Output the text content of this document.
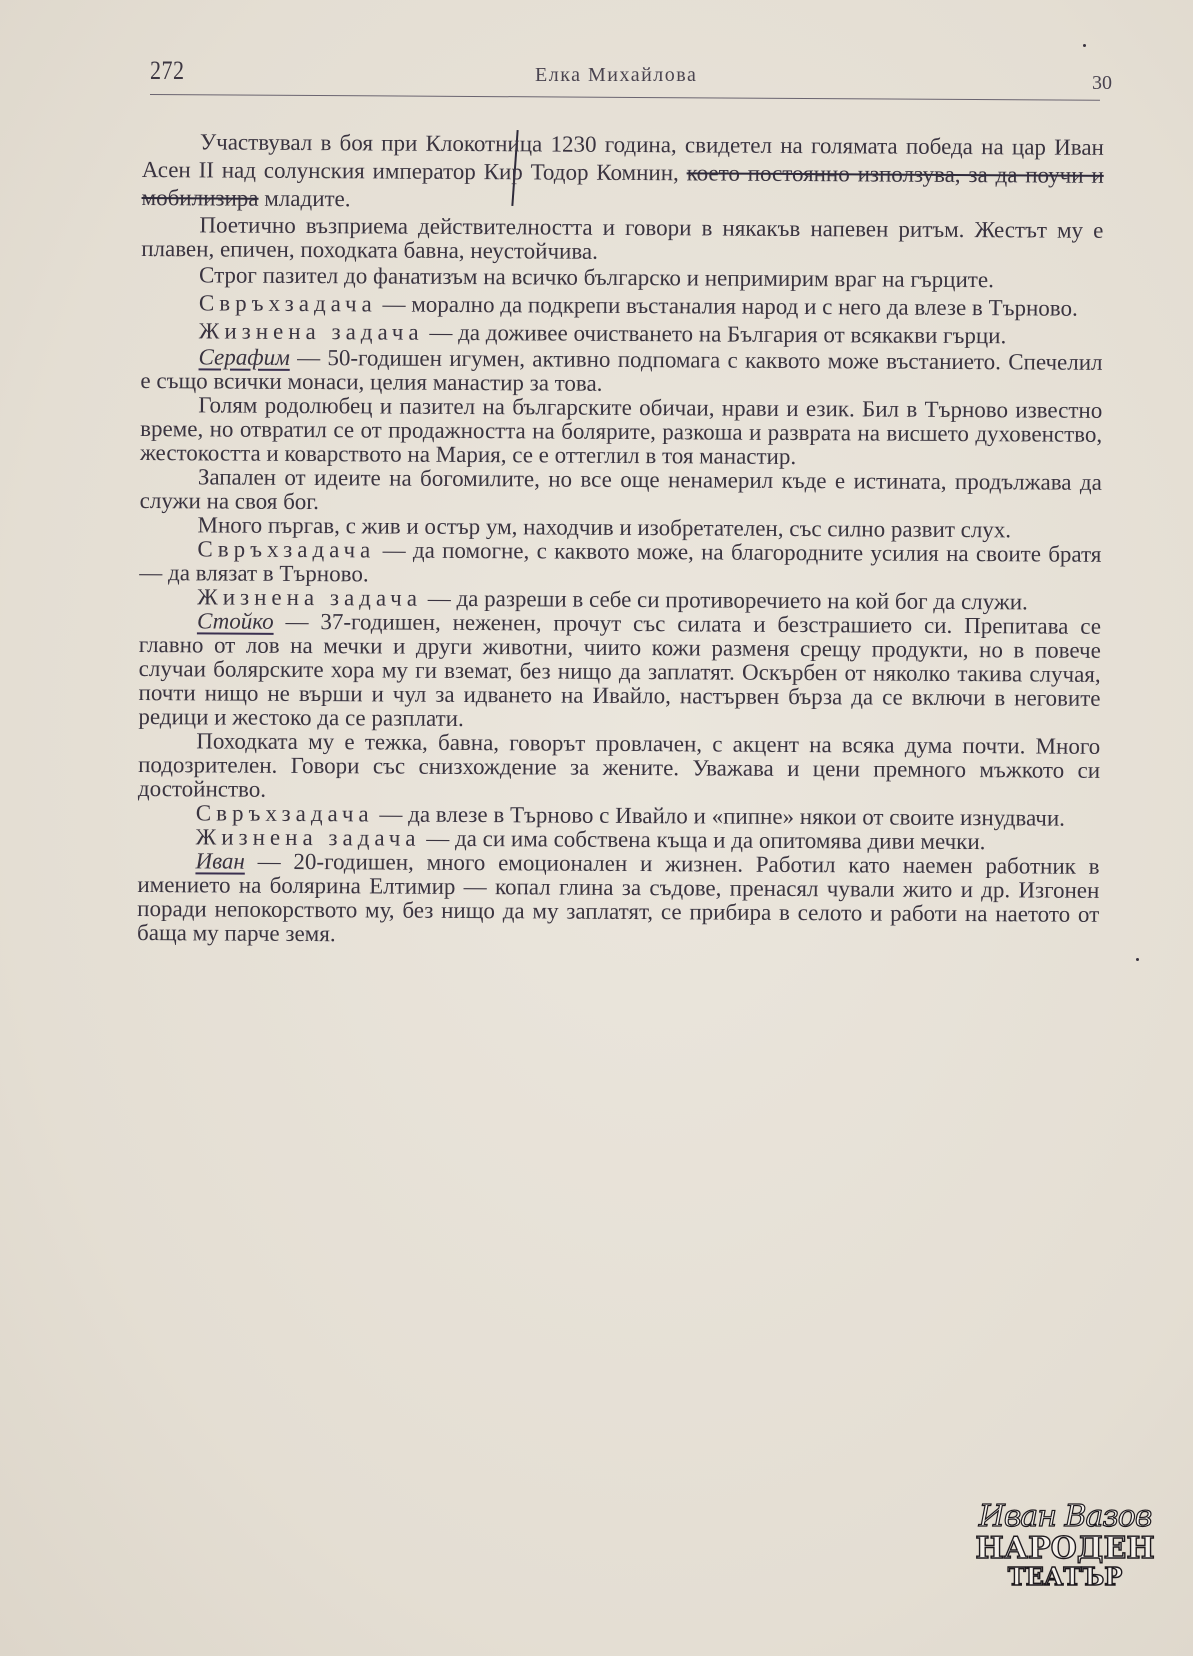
272	Елка Михайлова	30

Участвувал в боя при Клокотница 1230 година, свидетел на голямата победа на цар Иван Асен II над солунския император Кир Тодор Комнин, което постоянно използува, за да поучи и мобилизира младите.

Поетично възприема действителността и говори в някакъв напевен ритъм. Жестът му е плавен, епичен, походката бавна, неустойчива.

Строг пазител до фанатизъм на всичко българско и непримирим враг на гърците.

Свръхзадача — морално да подкрепи въстаналия народ и с него да влезе в Търново.

Жизнена задача — да доживее очистването на България от всякакви гърци.

Серафим — 50-годишен игумен, активно подпомага с каквото може въстанието. Спечелил е също всички монаси, целия манастир за това.

Голям родолюбец и пазител на българските обичаи, нрави и език. Бил в Търново известно време, но отвратил се от продажността на болярите, разкоша и разврата на висшето духовенство, жестокостта и коварството на Мария, се е оттеглил в тоя манастир.

Запален от идеите на богомилите, но все още ненамерил къде е истината, продължава да служи на своя бог.

Много пъргав, с жив и остър ум, находчив и изобретателен, със силно развит слух.

Свръхзадача — да помогне, с каквото може, на благородните усилия на своите братя — да влязат в Търново.

Жизнена задача — да разреши в себе си противоречието на кой бог да служи.

Стойко — 37-годишен, неженен, прочут със силата и безстрашието си. Препитава се главно от лов на мечки и други животни, чиито кожи разменя срещу продукти, но в повече случаи болярските хора му ги вземат, без нищо да заплатят. Оскърбен от няколко такива случая, почти нищо не върши и чул за идването на Ивайло, настървен бърза да се включи в неговите редици и жестоко да се разплати.

Походката му е тежка, бавна, говорът провлачен, с акцент на всяка дума почти. Много подозрителен. Говори със снизхождение за жените. Уважава и цени премного мъжкото си достойнство.

Свръхзадача — да влезе в Търново с Ивайло и «пипне» някои от своите изнудвачи.

Жизнена задача — да си има собствена къща и да опитомява диви мечки.

Иван — 20-годишен, много емоционален и жизнен. Работил като наемен работник в имението на болярина Елтимир — копал глина за съдове, пренасял чували жито и др. Изгонен поради непокорството му, без нищо да му заплатят, се прибира в селото и работи на наетото от баща му парче земя.

Иван Вазов
НАРОДЕН
ТЕАТЪР
